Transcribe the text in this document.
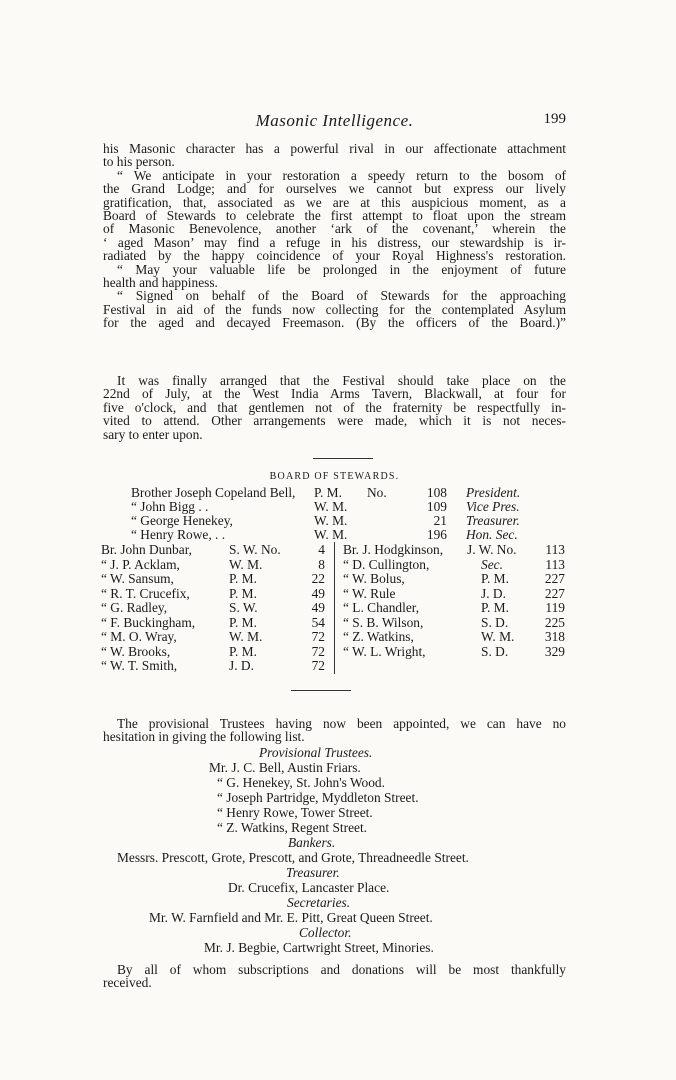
Masonic Intelligence.	199
his Masonic character has a powerful rival in our affectionate attachment
to his person.
“ We anticipate in your restoration a speedy return to the bosom of
the Grand Lodge; and for ourselves we cannot but express our lively
gratification, that, associated as we are at this auspicious moment, as a
Board of Stewards to celebrate the first attempt to float upon the stream
of Masonic Benevolence, another ‘ark of the covenant,’ wherein the
‘ aged Mason’ may find a refuge in his distress, our stewardship is ir-
radiated by the happy coincidence of your Royal Highness's restoration.
“ May your valuable life be prolonged in the enjoyment of future
health and happiness.
“ Signed on behalf of the Board of Stewards for the approaching
Festival in aid of the funds now collecting for the contemplated Asylum
for the aged and decayed Freemason. (By the officers of the Board.)”
It was finally arranged that the Festival should take place on the
22nd of July, at the West India Arms Tavern, Blackwall, at four for
five o'clock, and that gentlemen not of the fraternity be respectfully in-
vited to attend. Other arrangements were made, which it is not neces-
sary to enter upon.
BOARD OF STEWARDS.
Brother Joseph Copeland Bell, P. M. No.	108 President.
“ John Bigg . .	W. M.	109 Vice Pres.
“ George Henekey,	W. M.	21 Treasurer.
“ Henry Rowe, . .	W. M.	196 Hon. Sec.
Br. John Dunbar,	S. W. No.	4
“ J. P. Acklam,	W. M.	8
“ W. Sansum,	P. M.	22
“ R. T. Crucefix,	P. M.	49
“ G. Radley,	S. W.	49
“ F. Buckingham,	P. M.	54
“ M. O. Wray,	W. M.	72
“ W. Brooks,	P. M.	72
“ W. T. Smith,	J. D.	72
Br. J. Hodgkinson, J. W. No.	113
“ D. Cullington,	Sec.	113
“ W. Bolus,	P. M.	227
“ W. Rule	J. D.	227
“ L. Chandler,	P. M.	119
“ S. B. Wilson,	S. D.	225
“ Z. Watkins,	W. M.	318
“ W. L. Wright,	S. D.	329
The provisional Trustees having now been appointed, we can have no
hesitation in giving the following list.
Provisional Trustees.
Mr. J. C. Bell, Austin Friars.
“ G. Henekey, St. John's Wood.
“ Joseph Partridge, Myddleton Street.
“ Henry Rowe, Tower Street.
“ Z. Watkins, Regent Street.
Bankers.
Messrs. Prescott, Grote, Prescott, and Grote, Threadneedle Street.
Treasurer.
Dr. Crucefix, Lancaster Place.
Secretaries.
Mr. W. Farnfield and Mr. E. Pitt, Great Queen Street.
Collector.
Mr. J. Begbie, Cartwright Street, Minories.
By all of whom subscriptions and donations will be most thankfully
received.
